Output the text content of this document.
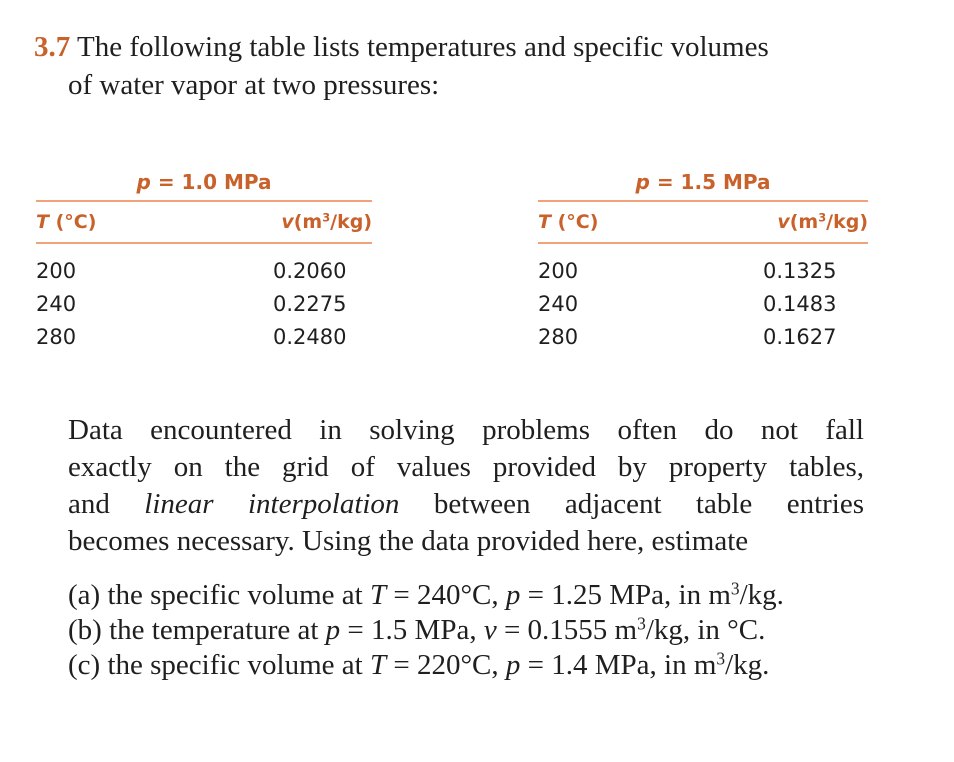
3.7 The following table lists temperatures and specific volumes
of water vapor at two pressures:
p = 1.0 MPa
T (°C)	$v(m^3/kg)$
200	0.2060
240	0.2275
280	0.2480
p = 1.5 MPa
T (°C)	$v(m^3/kg)$
200	0.1325
240	0.1483
280	0.1627
Data encountered in solving problems often do not fall
exactly on the grid of values provided by property tables,
and linear interpolation between adjacent table entries
becomes necessary. Using the data provided here, estimate
(a) the specific volume at T = 240°C, p = 1.25 MPa, in $m^3/kg$.
(b) the temperature at p = 1.5 MPa, v = 0.1555 $m^3/kg$, in °C.
(c) the specific volume at T = 220°C, p = 1.4 MPa, in $m^3/kg$.
